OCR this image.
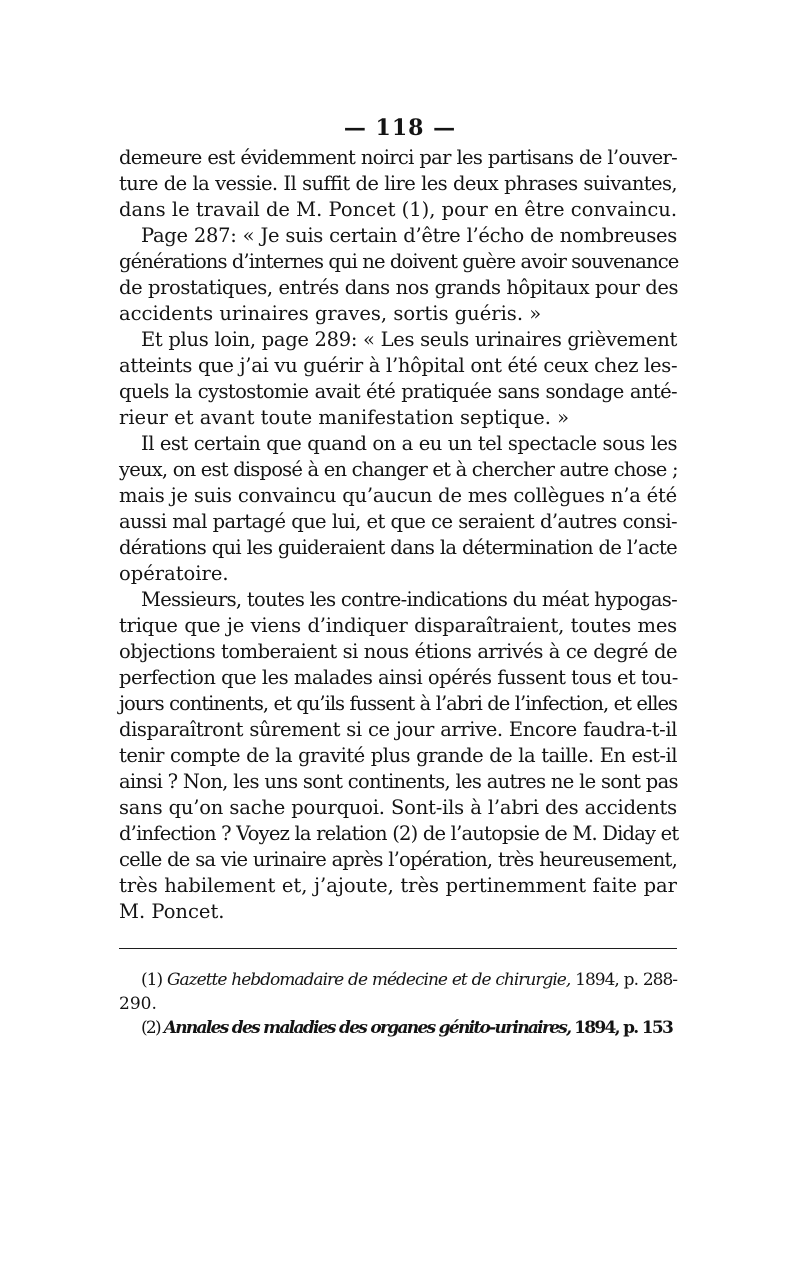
— 118 —
demeure est évidemment noirci par les partisans de l’ouver-
ture de la vessie. Il suffit de lire les deux phrases suivantes,
dans le travail de M. Poncet (1), pour en être convaincu.
Page 287: « Je suis certain d’être l’écho de nombreuses
générations d’internes qui ne doivent guère avoir souvenance
de prostatiques, entrés dans nos grands hôpitaux pour des
accidents urinaires graves, sortis guéris. »
Et plus loin, page 289: « Les seuls urinaires grièvement
atteints que j’ai vu guérir à l’hôpital ont été ceux chez les-
quels la cystostomie avait été pratiquée sans sondage anté-
rieur et avant toute manifestation septique. »
Il est certain que quand on a eu un tel spectacle sous les
yeux, on est disposé à en changer et à chercher autre chose ;
mais je suis convaincu qu’aucun de mes collègues n’a été
aussi mal partagé que lui, et que ce seraient d’autres consi-
dérations qui les guideraient dans la détermination de l’acte
opératoire.
Messieurs, toutes les contre-indications du méat hypogas-
trique que je viens d’indiquer disparaîtraient, toutes mes
objections tomberaient si nous étions arrivés à ce degré de
perfection que les malades ainsi opérés fussent tous et tou-
jours continents, et qu’ils fussent à l’abri de l’infection, et elles
disparaîtront sûrement si ce jour arrive. Encore faudra-t-il
tenir compte de la gravité plus grande de la taille. En est-il
ainsi ? Non, les uns sont continents, les autres ne le sont pas
sans qu’on sache pourquoi. Sont-ils à l’abri des accidents
d’infection ? Voyez la relation (2) de l’autopsie de M. Diday et
celle de sa vie urinaire après l’opération, très heureusement,
très habilement et, j’ajoute, très pertinemment faite par
M. Poncet.
(1) Gazette hebdomadaire de médecine et de chirurgie, 1894, p. 288-
290.
(2) Annales des maladies des organes génito-urinaires, 1894, p. 153
